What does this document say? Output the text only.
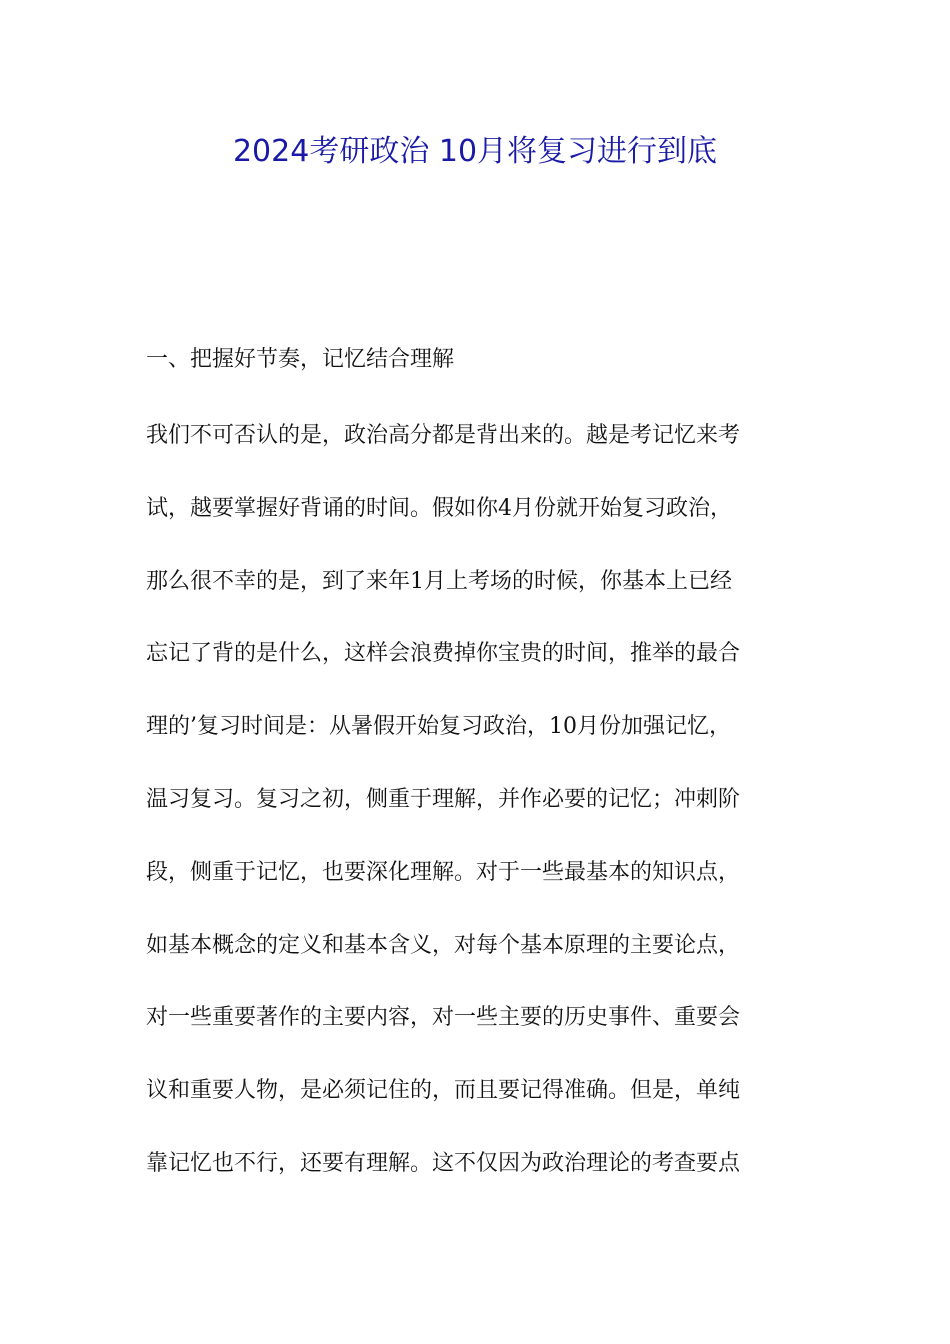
2024考研政治 10月将复习进行到底
一、把握好节奏，记忆结合理解
我们不可否认的是，政治高分都是背出来的。越是考记忆来考
试，越要掌握好背诵的时间。假如你4月份就开始复习政治，
那么很不幸的是，到了来年1月上考场的时候，你基本上已经
忘记了背的是什么，这样会浪费掉你宝贵的时间，推举的最合
理的’复习时间是：从暑假开始复习政治，10月份加强记忆，
温习复习。复习之初，侧重于理解，并作必要的记忆；冲刺阶
段，侧重于记忆，也要深化理解。对于一些最基本的知识点，
如基本概念的定义和基本含义，对每个基本原理的主要论点，
对一些重要著作的主要内容，对一些主要的历史事件、重要会
议和重要人物，是必须记住的，而且要记得准确。但是，单纯
靠记忆也不行，还要有理解。这不仅因为政治理论的考查要点
